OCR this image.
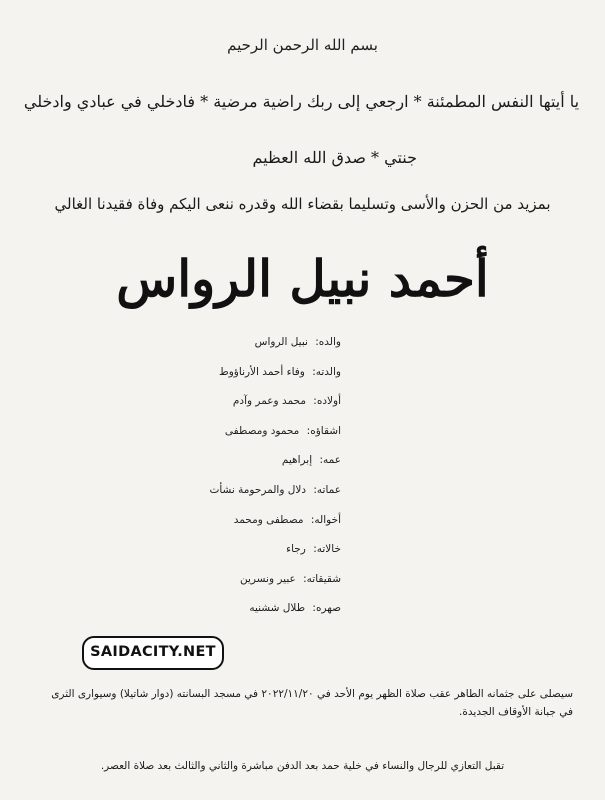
بسم الله الرحمن الرحيم
يا أيتها النفس المطمئنة * ارجعي إلى ربك راضية مرضية * فادخلي في عبادي وادخلي
جنتي * صدق الله العظيم
بمزيد من الحزن والأسى وتسليما بقضاء الله وقدره ننعى اليكم وفاة فقيدنا الغالي
أحمد نبيل الرواس
والده: نبيل الرواس
والدته: وفاء أحمد الأرناؤوط
أولاده: محمد وعمر وآدم
اشقاؤه: محمود ومصطفى
عمه: إبراهيم
عماته: دلال والمرحومة نشأت
أخواله: مصطفى ومحمد
خالاته: رجاء
شقيقاته: عبير ونسرين
صهره: طلال ششنيه
سيصلى على جثمانه الطاهر عقب صلاة الظهر يوم الأحد في ٢٠٢٢/١١/٢٠ في مسجد البسانته (دوار شاتيلا) وسيوارى الثرى
في جبانة الأوقاف الجديدة.
تقبل التعازي للرجال والنساء في خلية حمد بعد الدفن مباشرة والثاني والثالث بعد صلاة العصر.
SAIDACITY.NET
